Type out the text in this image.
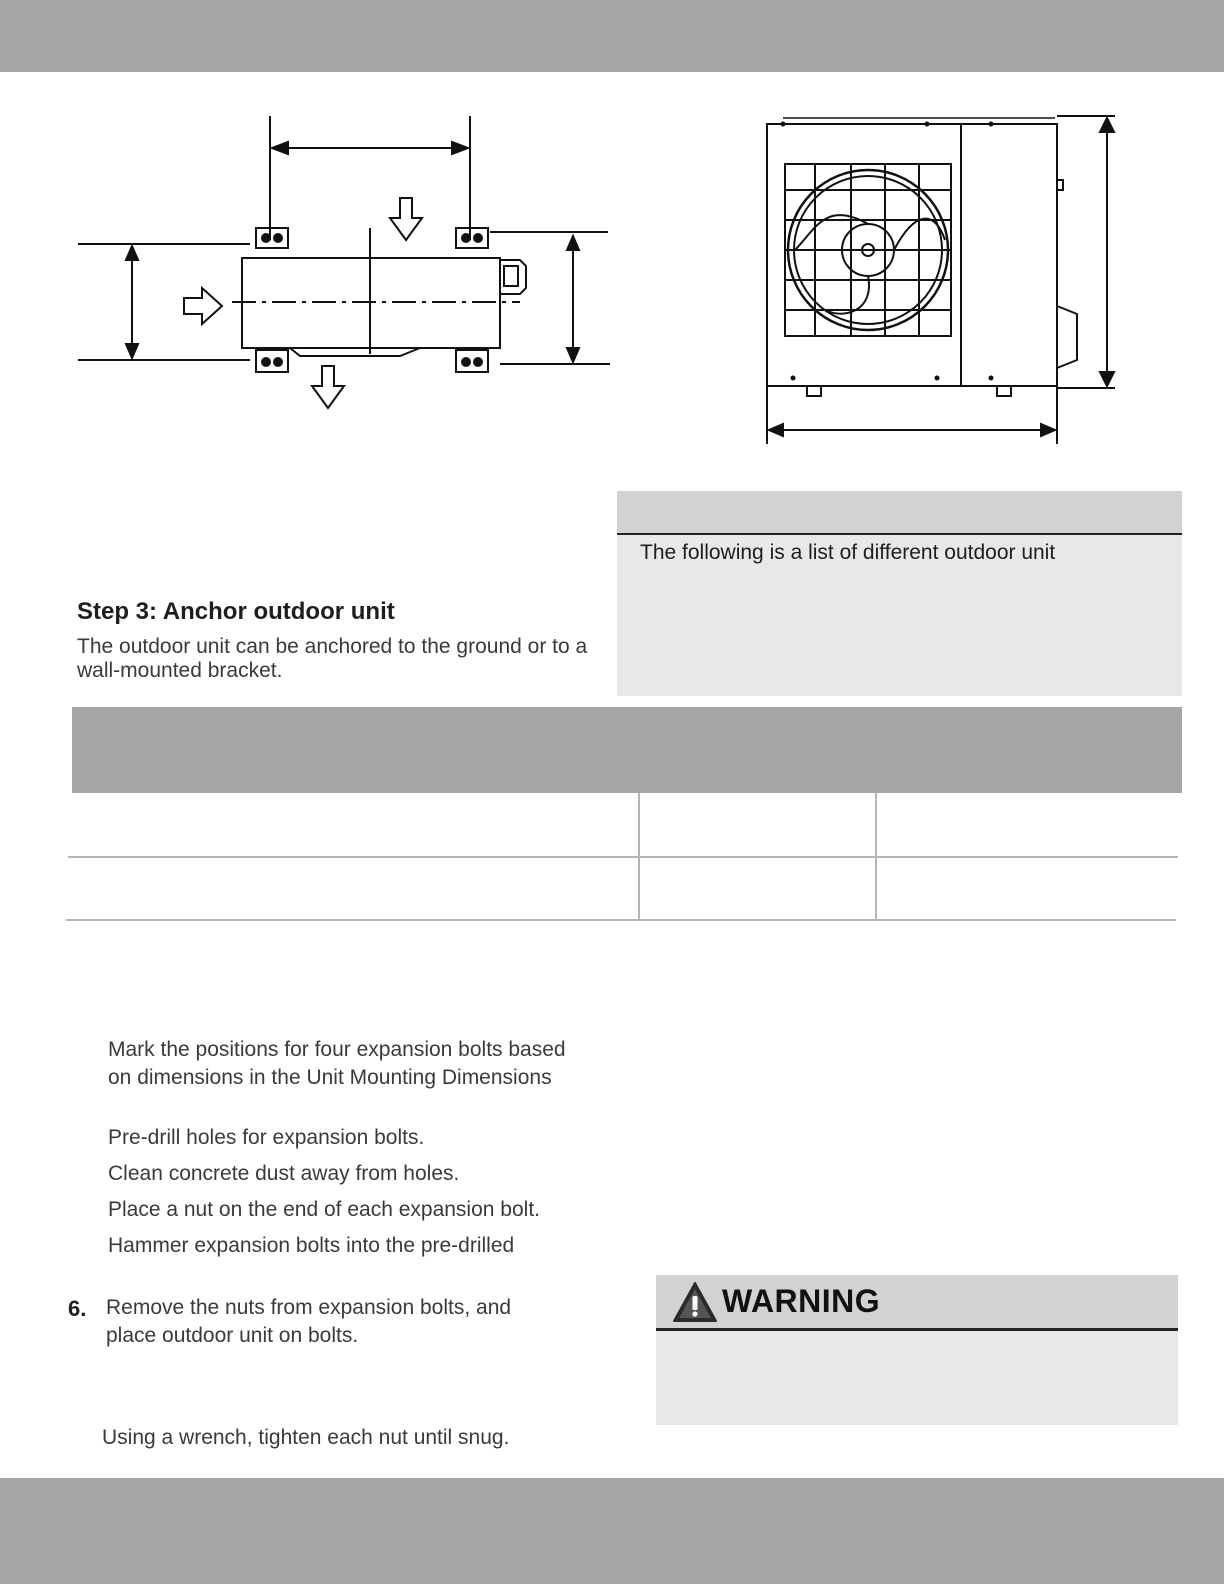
The following is a list of different outdoor unit
Step 3: Anchor outdoor unit
The outdoor unit can be anchored to the ground or to a wall-mounted bracket.
Mark the positions for four expansion bolts based
on dimensions in the Unit Mounting Dimensions
Pre-drill holes for expansion bolts.
Clean concrete dust away from holes.
Place a nut on the end of each expansion bolt.
Hammer expansion bolts into the pre-drilled
6. Remove the nuts from expansion bolts, and
place outdoor unit on bolts.
Using a wrench, tighten each nut until snug.
WARNING
